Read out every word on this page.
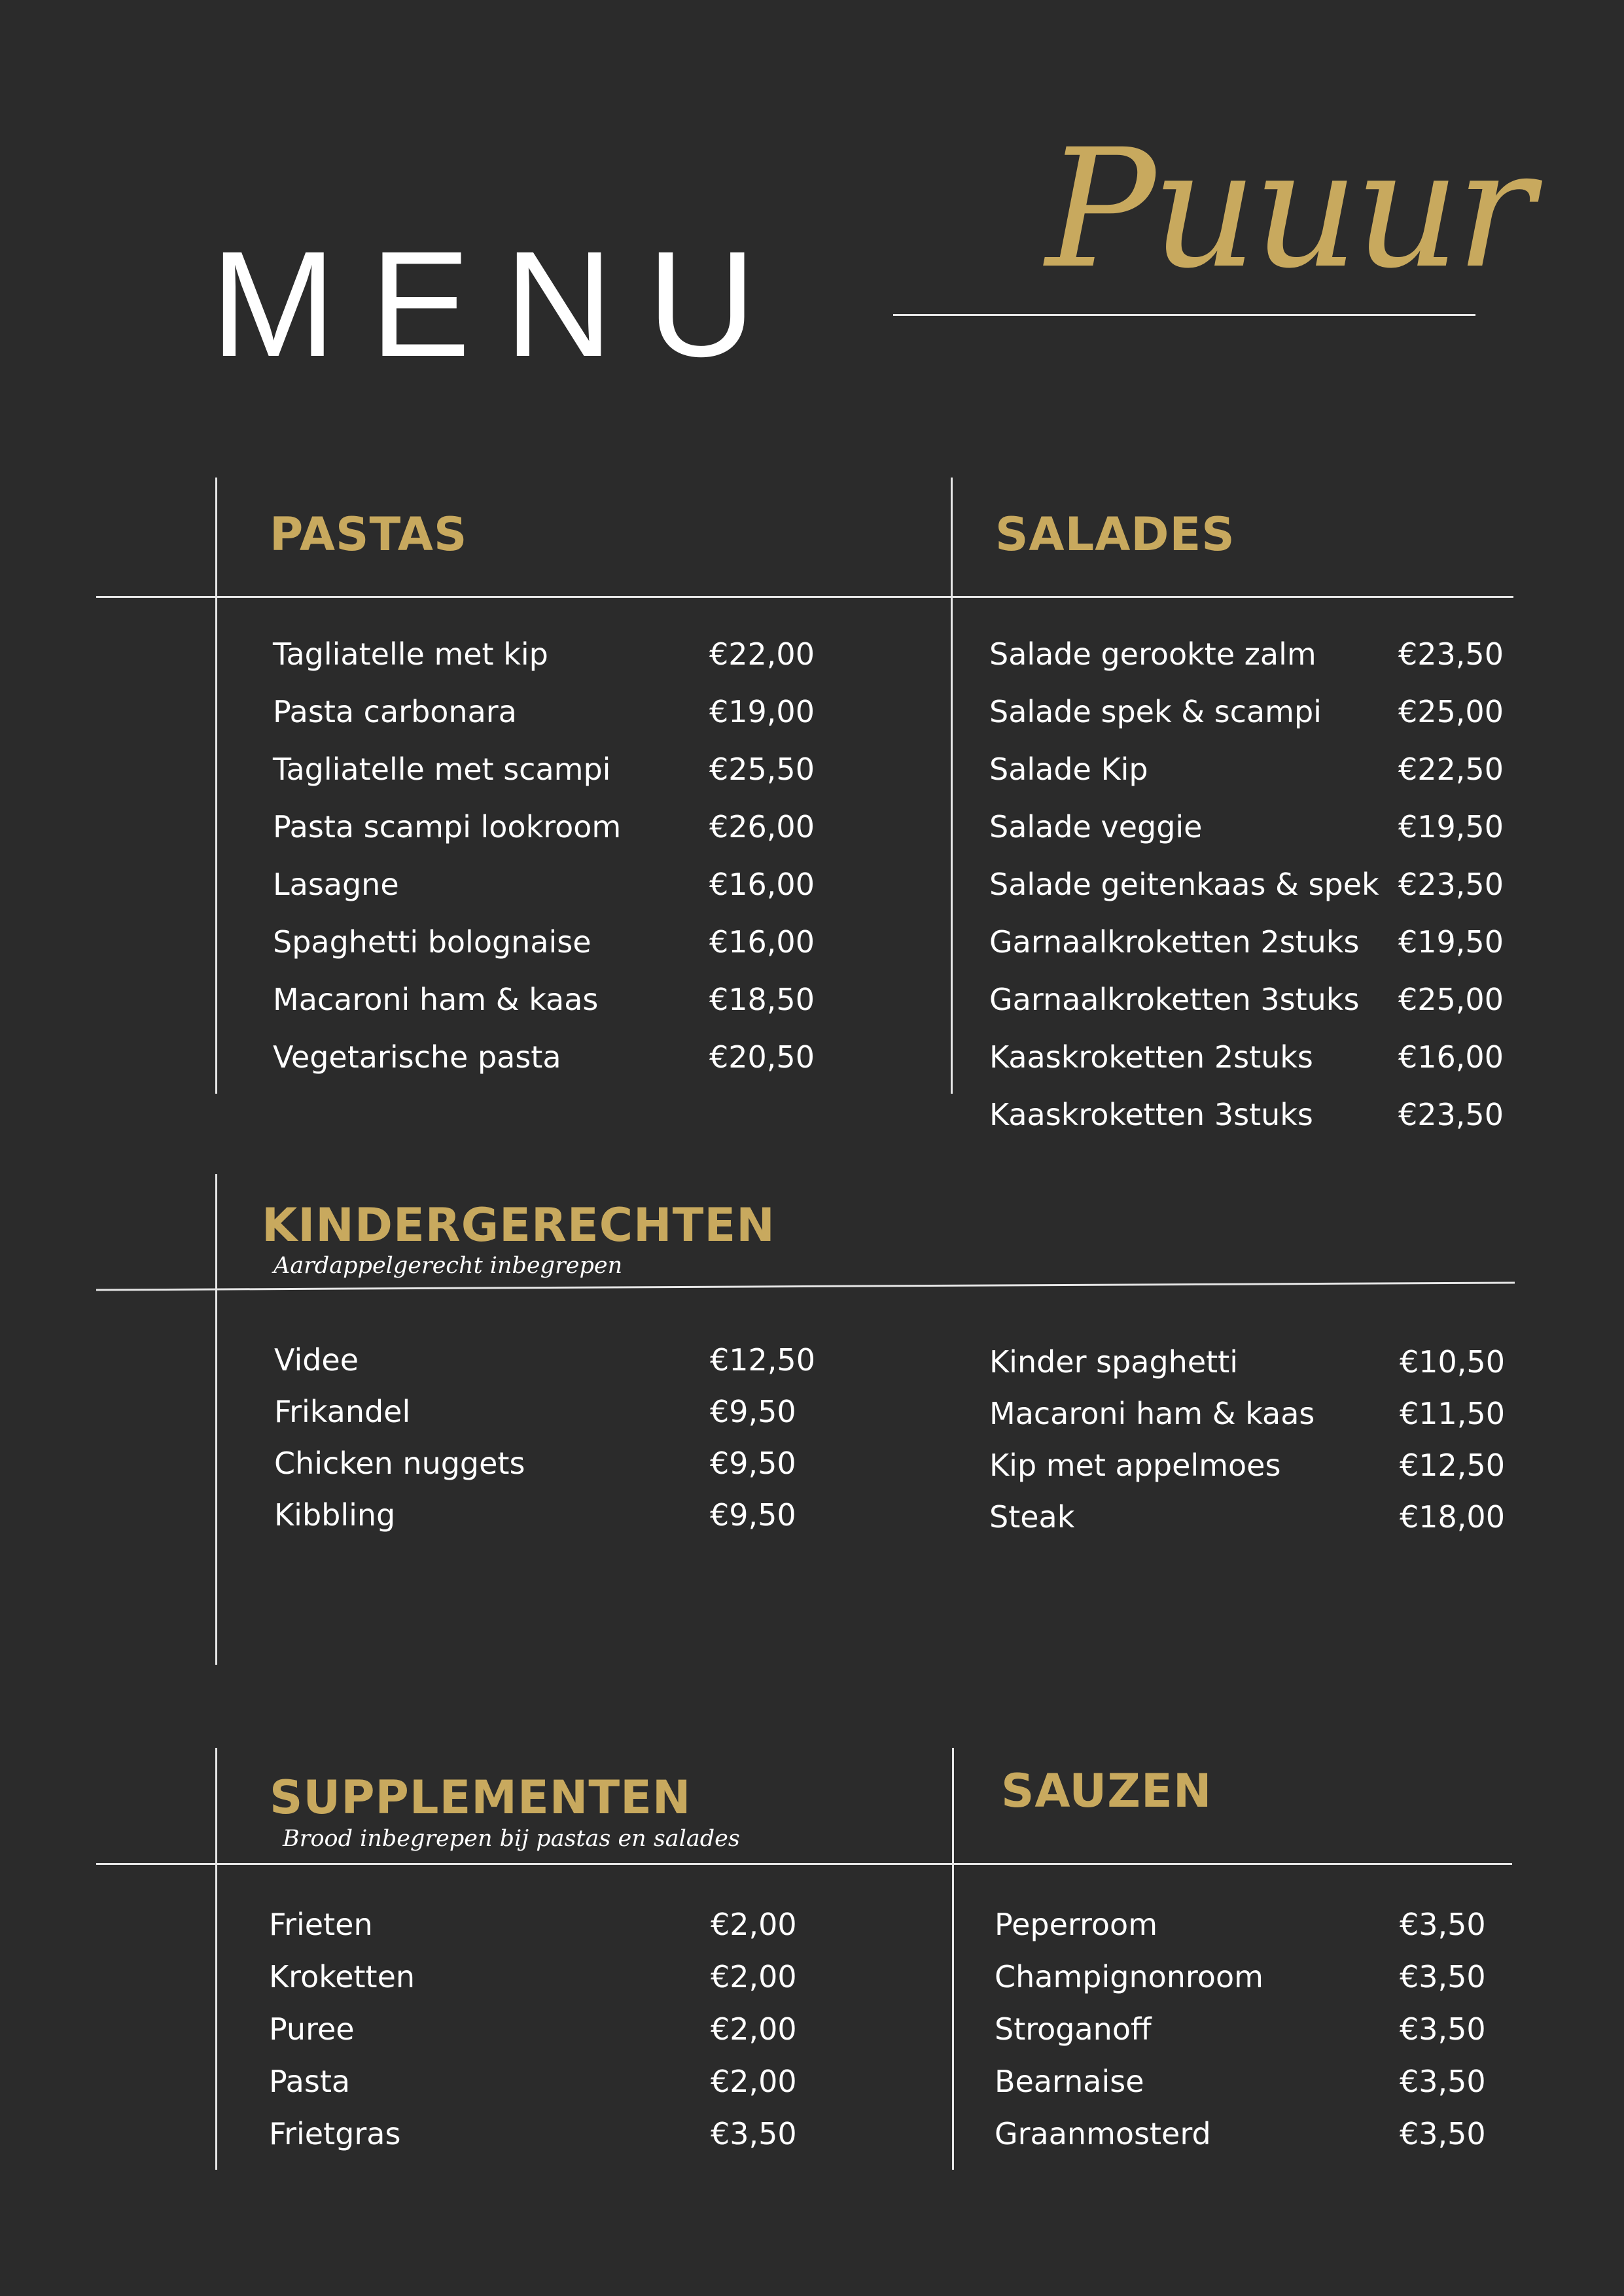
MENU Puuur
PASTAS	SALADES
Tagliatelle met kip	€22,00
Pasta carbonara	€19,00
Tagliatelle met scampi	€25,50
Pasta scampi lookroom	€26,00
Lasagne	€16,00
Spaghetti bolognaise	€16,00
Macaroni ham & kaas	€18,50
Vegetarische pasta	€20,50
Salade gerookte zalm	€23,50
Salade spek & scampi	€25,00
Salade Kip	€22,50
Salade veggie	€19,50
Salade geitenkaas & spek €23,50
Garnaalkroketten 2stuks €19,50
Garnaalkroketten 3stuks €25,00
Kaaskroketten 2stuks	€16,00
Kaaskroketten 3stuks	€23,50
KINDERGERECHTEN
Aardappelgerecht inbegrepen
Videe	€12,50
Frikandel	€9,50
Chicken nuggets	€9,50
Kibbling	€9,50
Kinder spaghetti	€10,50
Macaroni ham & kaas	€11,50
Kip met appelmoes	€12,50
Steak	€18,00
SUPPLEMENTEN
Brood inbegrepen bij pastas en salades
SAUZEN
Frieten	€2,00
Kroketten	€2,00
Puree	€2,00
Pasta	€2,00
Frietgras	€3,50
Peperroom	€3,50
Champignonroom	€3,50
Stroganoff	€3,50
Bearnaise	€3,50
Graanmosterd	€3,50
